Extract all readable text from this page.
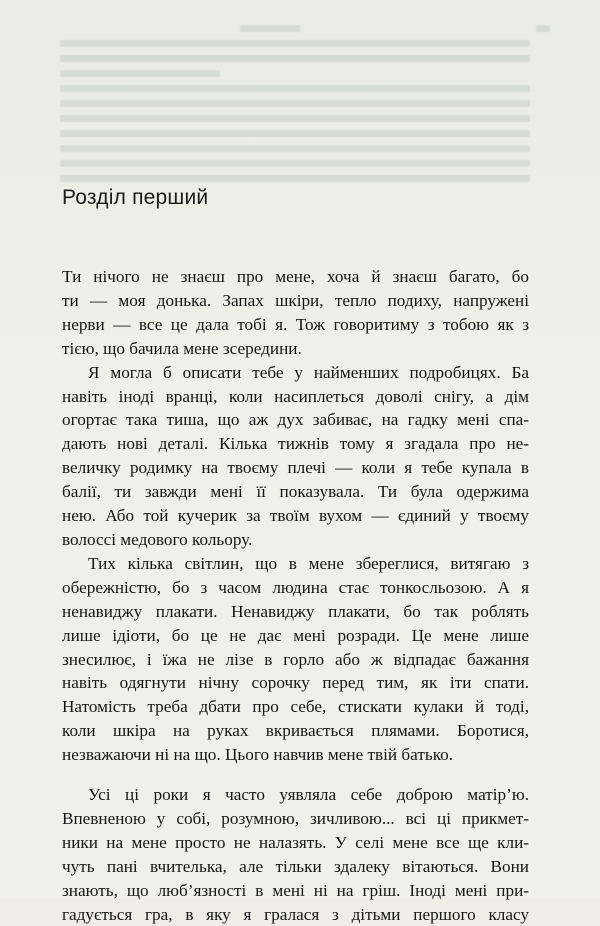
Розділ перший

Ти нічого не знаєш про мене, хоча й знаєш багато, бо

ти — моя донька. Запах шкіри, тепло подиху, напружені

нерви — все це дала тобі я. Тож говоритиму з тобою як з

тією, що бачила мене зсередини.

Я могла б описати тебе у найменших подробицях. Ба

навіть іноді вранці, коли насиплеться доволі снігу, а дім

огортає така тиша, що аж дух забиває, на гадку мені спа-

дають нові деталі. Кілька тижнів тому я згадала про не-

величку родимку на твоєму плечі — коли я тебе купала в

балії, ти завжди мені її показувала. Ти була одержима

нею. Або той кучерик за твоїм вухом — єдиний у твоєму

волоссі медового кольору.

Тих кілька світлин, що в мене збереглися, витягаю з

обережністю, бо з часом людина стає тонкосльозою. А я

ненавиджу плакати. Ненавиджу плакати, бо так роблять

лише ідіоти, бо це не дає мені розради. Це мене лише

знесилює, і їжа не лізе в горло або ж відпадає бажання

навіть одягнути нічну сорочку перед тим, як іти спати.

Натомість треба дбати про себе, стискати кулаки й тоді,

коли шкіра на руках вкривається плямами. Боротися,

незважаючи ні на що. Цього навчив мене твій батько.

Усі ці роки я часто уявляла себе доброю матір’ю.

Впевненою у собі, розумною, зичливою... всі ці прикмет-

ники на мене просто не налазять. У селі мене все ще кли-

чуть пані вчителька, але тільки здалеку вітаються. Вони

знають, що люб’язності в мені ні на гріш. Іноді мені при-

гадується гра, в яку я гралася з дітьми першого класу
